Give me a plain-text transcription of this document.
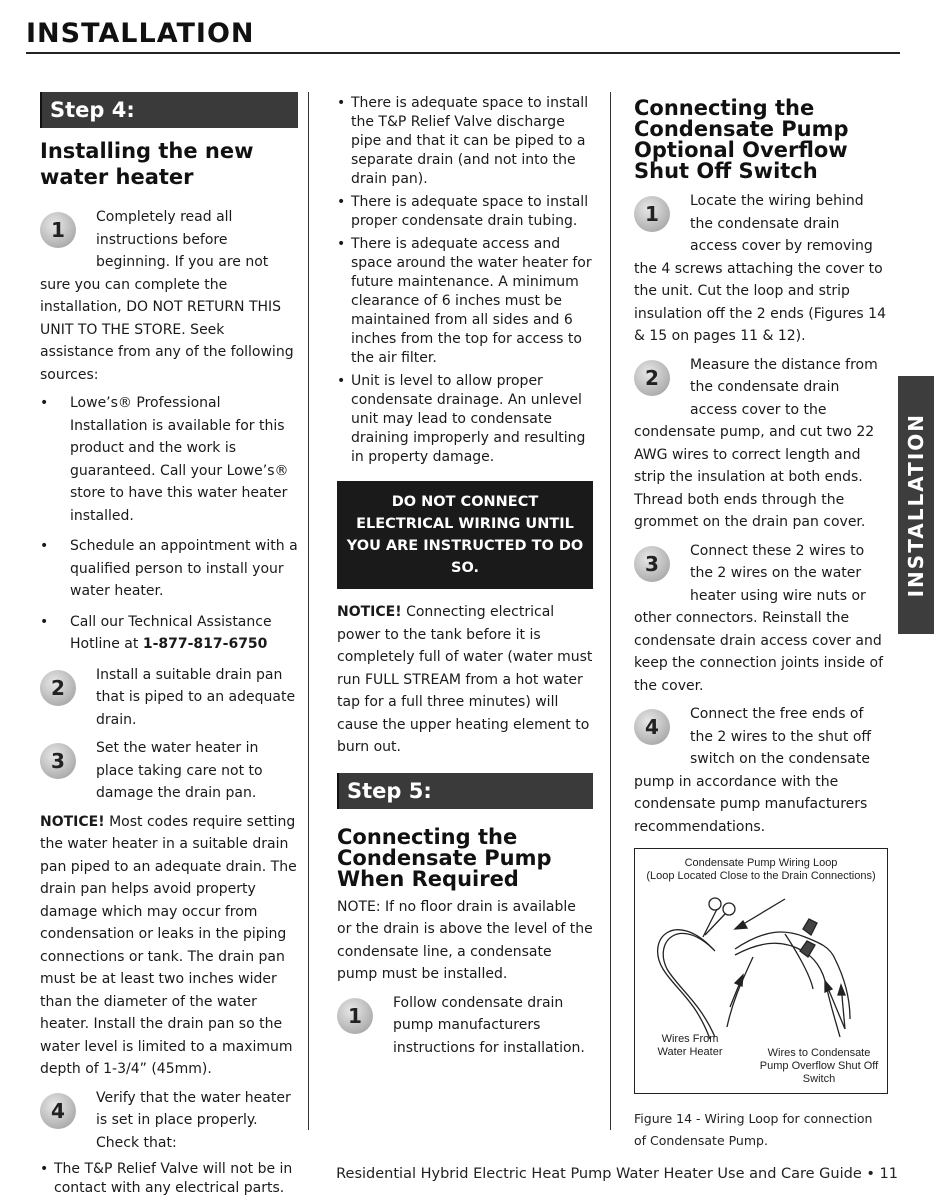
INSTALLATION
Step 4:
Installing the new water heater
1
Completely read all instructions before beginning. If you are not sure you can complete the installation, DO NOT RETURN THIS UNIT TO THE STORE. Seek assistance from any of the following sources:
• Lowe’s® Professional Installation is available for this product and the work is guaranteed. Call your Lowe’s® store to have this water heater installed.
• Schedule an appointment with a qualified person to install your water heater.
• Call our Technical Assistance Hotline at 1-877-817-6750
2
Install a suitable drain pan that is piped to an adequate drain.
3
Set the water heater in place taking care not to damage the drain pan.

NOTICE! Most codes require setting the water heater in a suitable drain pan piped to an adequate drain. The drain pan helps avoid property damage which may occur from condensation or leaks in the piping connections or tank. The drain pan must be at least two inches wider than the diameter of the water heater. Install the drain pan so the water level is limited to a maximum depth of 1-3/4” (45mm).

4
Verify that the water heater is set in place properly. Check that:
• The T&P Relief Valve will not be in contact with any electrical parts.
• There is adequate space to install the T&P Relief Valve discharge pipe and that it can be piped to a separate drain (and not into the drain pan).
• There is adequate space to install proper condensate drain tubing.
• There is adequate access and space around the water heater for future maintenance. A minimum clearance of 6 inches must be maintained from all sides and 6 inches from the top for access to the air filter.
• Unit is level to allow proper condensate drainage. An unlevel unit may lead to condensate draining improperly and resulting in property damage.
DO NOT CONNECT ELECTRICAL WIRING UNTIL YOU ARE INSTRUCTED TO DO SO.

NOTICE! Connecting electrical power to the tank before it is completely full of water (water must run FULL STREAM from a hot water tap for a full three minutes) will cause the upper heating element to burn out.

Step 5:
Connecting the Condensate Pump When Required

NOTE: If no floor drain is available or the drain is above the level of the condensate line, a condensate pump must be installed.

1
Follow condensate drain pump manufacturers instructions for installation.
Connecting the Condensate Pump Optional Overflow Shut Off Switch
1
Locate the wiring behind the condensate drain access cover by removing the 4 screws attaching the cover to the unit. Cut the loop and strip insulation off the 2 ends (Figures 14 & 15 on pages 11 & 12).
2
Measure the distance from the condensate drain access cover to the condensate pump, and cut two 22 AWG wires to correct length and strip the insulation at both ends. Thread both ends through the grommet on the drain pan cover.
3
Connect these 2 wires to the 2 wires on the water heater using wire nuts or other connectors. Reinstall the condensate drain access cover and keep the connection joints inside of the cover.
4
Connect the free ends of the 2 wires to the shut off switch on the condensate pump in accordance with the condensate pump manufacturers recommendations.
Condensate Pump Wiring Loop
(Loop Located Close to the Drain Connections)
Wires From Water Heater	Wires to Condensate Pump Overflow Shut Off Switch
Figure 14 - Wiring Loop for connection of Condensate Pump.
INSTALLATION
Residential Hybrid Electric Heat Pump Water Heater Use and Care Guide • 11
